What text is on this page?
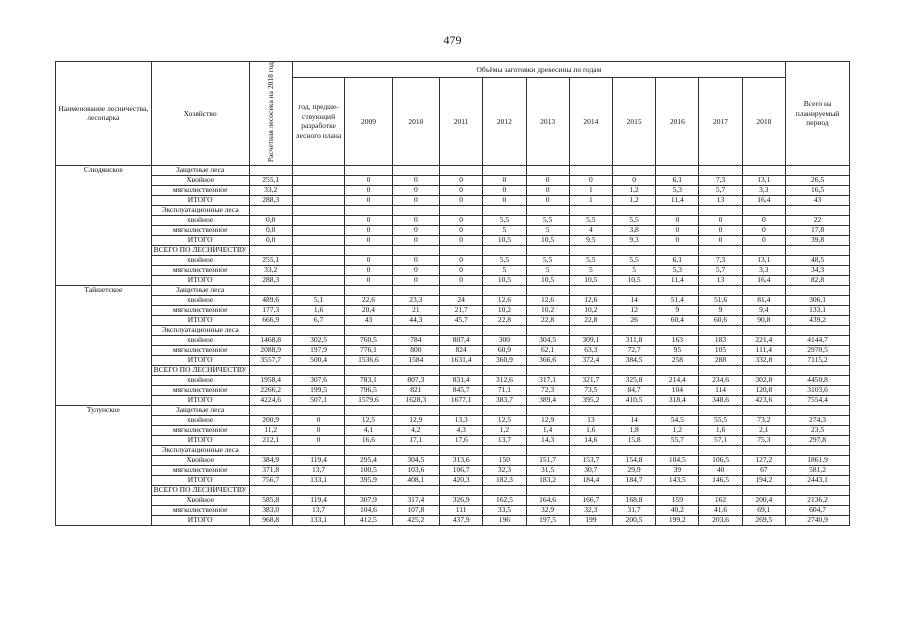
479
Наименование лесничества, лесопарка	Хозяйство	Расчетная лесосека на 2018 год	Объёмы заготовки древесины по годам											Всего на планируемый период
			год, предше-ствующий разработке лесного плана	2009	2010	2011	2012	2013	2014	2015	2016	2017	2018	
Слюдянское	Защитные леса													
	Хвойное	255,1		0	0	0	0	0	0	0	6,1	7,3	13,1	26,5
	мягколиственное	33,2		0	0	0	0	0	1	1,2	5,3	5,7	3,3	16,5
	ИТОГО	288,3		0	0	0	0	0	1	1,2	11,4	13	16,4	43
	Эксплуатационные леса													
	хвойное	0,0		0	0	0	5,5	5,5	5,5	5,5	0	0	0	22
	мягколиственное	0,0		0	0	0	5	5	4	3,8	0	0	0	17,8
	ИТОГО	0,0		0	0	0	10,5	10,5	9,5	9,3	0	0	0	39,8
	ВСЕГО ПО ЛЕСНИЧЕСТВУ													
	хвойное	255,1		0	0	0	5,5	5,5	5,5	5,5	6,1	7,3	13,1	48,5
	мягколиственное	33,2		0	0	0	5	5	5	5	5,3	5,7	3,3	34,3
	ИТОГО	288,3		0	0	0	10,5	10,5	10,5	10,5	11,4	13	16,4	82,8
Тайшетское	Защитные леса													
	хвойное	489,6	5,1	22,6	23,3	24	12,6	12,6	12,6	14	51,4	51,6	81,4	306,1
	мягколиственное	177,3	1,6	20,4	21	21,7	10,2	10,2	10,2	12	9	9	9,4	133,1
	ИТОГО	666,9	6,7	43	44,3	45,7	22,8	22,8	22,8	26	60,4	60,6	90,8	439,2
	Эксплуатационные леса													
	хвойное	1468,8	302,5	760,5	784	807,4	300	304,5	309,1	311,8	163	183	221,4	4144,7
	мягколиственное	2088,9	197,9	776,1	800	824	60,9	62,1	63,3	72,7	95	105	111,4	2970,5
	ИТОГО	3557,7	500,4	1536,6	1584	1631,4	360,9	366,6	372,4	384,5	258	288	332,8	7115,2
	ВСЕГО ПО ЛЕСНИЧЕСТВУ													
	хвойное	1958,4	307,6	783,1	807,3	831,4	312,6	317,1	321,7	325,8	214,4	234,6	302,8	4450,8
	мягколиственное	2266,2	199,5	796,5	821	845,7	71,1	72,3	73,5	84,7	104	114	120,8	3103,6
	ИТОГО	4224,6	507,1	1579,6	1628,3	1677,1	383,7	389,4	395,2	410,5	318,4	348,6	423,6	7554,4
Тулунское	Защитные леса													
	хвойное	200,9	0	12,5	12,9	13,3	12,5	12,9	13	14	54,5	55,5	73,2	274,3
	мягколиственное	11,2	0	4,1	4,2	4,3	1,2	1,4	1,6	1,8	1,2	1,6	2,1	23,5
	ИТОГО	212,1	0	16,6	17,1	17,6	13,7	14,3	14,6	15,8	55,7	57,1	75,3	297,8
	Эксплуатационные леса													
	Хвойное	384,9	119,4	295,4	304,5	313,6	150	151,7	153,7	154,8	104,5	106,5	127,2	1861,9
	мягколиственное	371,8	13,7	100,5	103,6	106,7	32,3	31,5	30,7	29,9	39	40	67	581,2
	ИТОГО	756,7	133,1	395,9	408,1	420,3	182,3	183,2	184,4	184,7	143,5	146,5	194,2	2443,1
	ВСЕГО ПО ЛЕСНИЧЕСТВУ													
	Хвойное	585,8	119,4	307,9	317,4	326,9	162,5	164,6	166,7	168,8	159	162	200,4	2136,2
	мягколиственное	383,0	13,7	104,6	107,8	111	33,5	32,9	32,3	31,7	40,2	41,6	69,1	604,7
	ИТОГО	968,8	133,1	412,5	425,2	437,9	196	197,5	199	200,5	199,2	203,6	269,5	2740,9
